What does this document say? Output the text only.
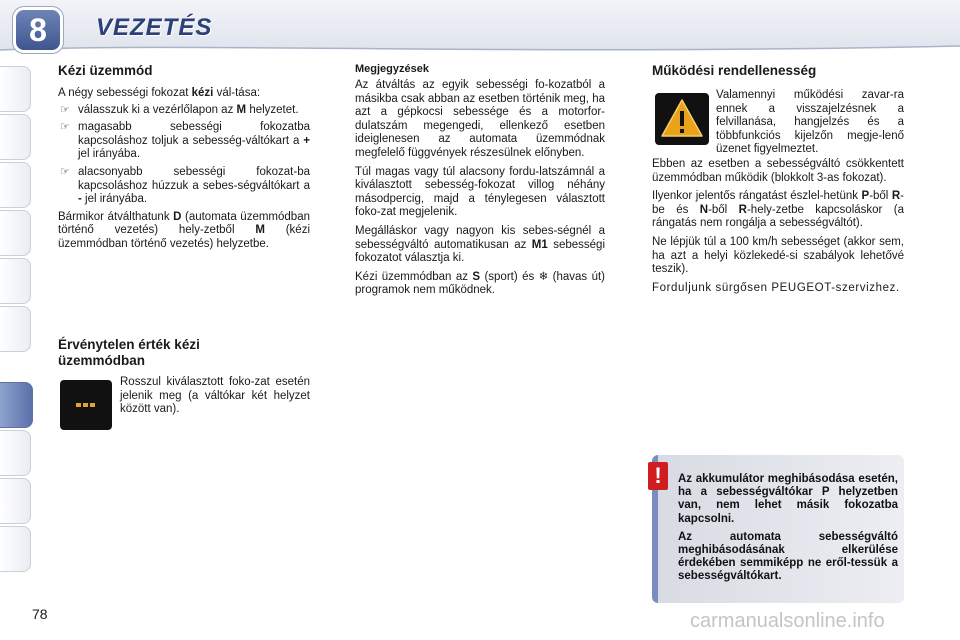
8	VEZETÉS
Kézi üzemmód

A négy sebességi fokozat kézi vál-tása:

☞ válasszuk ki a vezérlőlapon az M helyzetet.
☞ magasabb sebességi fokozatba kapcsoláshoz toljuk a sebesség-váltókart a + jel irányába.
☞ alacsonyabb sebességi fokozat-ba kapcsoláshoz húzzuk a sebes-ségváltókart a - jel irányába.

Bármikor átválthatunk D (automata üzemmódban történő vezetés) hely-zetből M (kézi üzemmódban történő vezetés) helyzetbe.

Érvénytelen érték kézi üzemmódban

Rosszul kiválasztott foko-zat esetén jelenik meg (a váltókar két helyzet között van).

Megjegyzések

Az átváltás az egyik sebességi fo-kozatból a másikba csak abban az esetben történik meg, ha azt a gépkocsi sebessége és a motorfor-dulatszám megengedi, ellenkező esetben ideiglenesen az automata üzemmódnak megfelelő függvények részesülnek előnyben.

Túl magas vagy túl alacsony fordu-latszámnál a kiválasztott sebesség-fokozat villog néhány másodpercig, majd a ténylegesen választott foko-zat megjelenik.

Megálláskor vagy nagyon kis sebes-ségnél a sebességváltó automatikusan az M1 sebességi fokozatot választja ki.

Kézi üzemmódban az S (sport) és ❄ (havas út) programok nem működnek.

Működési rendellenesség

Valamennyi működési zavar-ra ennek a visszajelzésnek a felvillanása, hangjelzés és a többfunkciós kijelzőn megje-lenő üzenet figyelmeztet.

Ebben az esetben a sebességváltó csökkentett üzemmódban működik (blokkolt 3-as fokozat).

Ilyenkor jelentős rángatást észlel-hetünk P-ből R-be és N-ből R-hely-zetbe kapcsoláskor (a rángatás nem rongálja a sebességváltót).

Ne lépjük túl a 100 km/h sebességet (akkor sem, ha azt a helyi közlekedé-si szabályok lehetővé teszik).

Forduljunk sürgősen PEUGEOT-szervizhez.

!	Az akkumulátor meghibásodása esetén, ha a sebességváltókar P helyzetben van, nem lehet másik fokozatba kapcsolni.

Az automata sebességváltó meghibásodásának elkerülése érdekében semmiképp ne eről-tessük a sebességváltókart.

78	carmanualsonline.info
